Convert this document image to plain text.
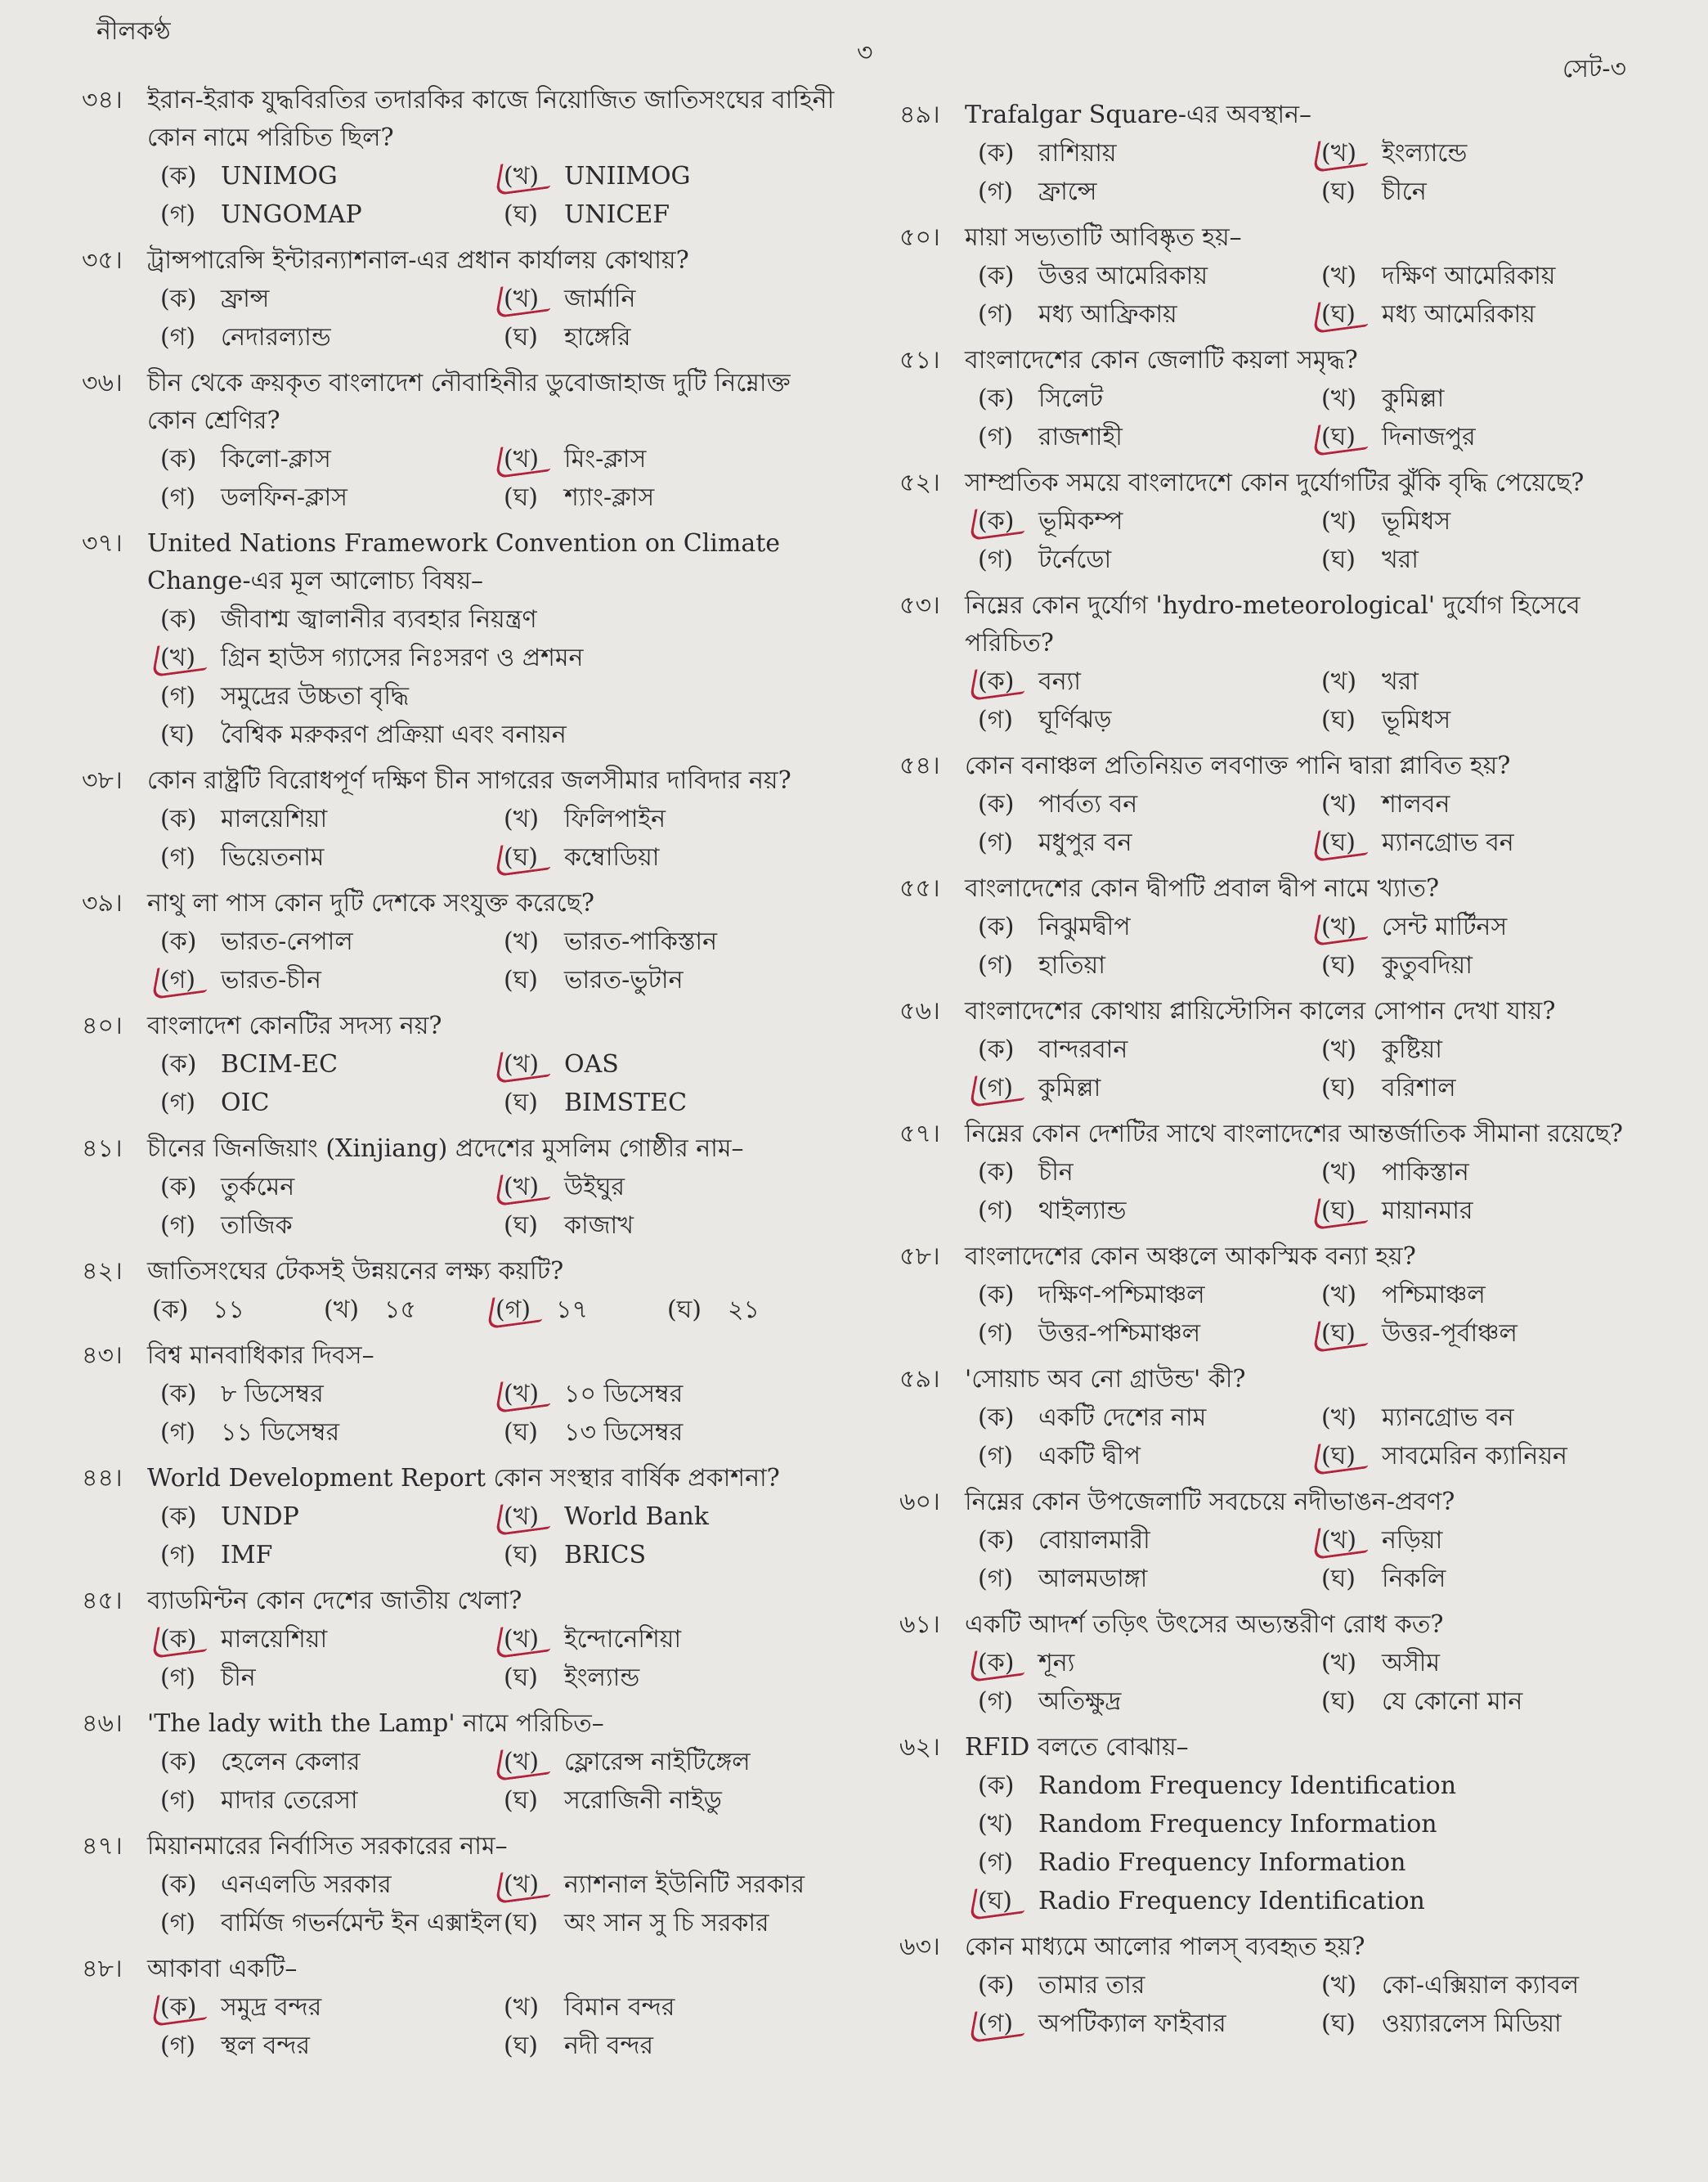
নীলকণ্ঠ
৩
সেট-৩
৩৪।	ইরান-ইরাক যুদ্ধবিরতির তদারকির কাজে নিয়োজিত জাতিসংঘের বাহিনী কোন নামে পরিচিত ছিল?
(ক) UNIMOG	(খ) UNIIMOG
(গ) UNGOMAP	(ঘ) UNICEF
৩৫।	ট্রান্সপারেন্সি ইন্টারন্যাশনাল-এর প্রধান কার্যালয় কোথায়?
(ক) ফ্রান্স	(খ) জার্মানি
(গ) নেদারল্যান্ড	(ঘ) হাঙ্গেরি
৩৬।	চীন থেকে ক্রয়কৃত বাংলাদেশ নৌবাহিনীর ডুবোজাহাজ দুটি নিম্নোক্ত কোন শ্রেণির?
(ক) কিলো-ক্লাস	(খ) মিং-ক্লাস
(গ) ডলফিন-ক্লাস	(ঘ) শ্যাং-ক্লাস
৩৭।	United Nations Framework Convention on Climate Change-এর মূল আলোচ্য বিষয়–
(ক) জীবাশ্ম জ্বালানীর ব্যবহার নিয়ন্ত্রণ
(খ) গ্রিন হাউস গ্যাসের নিঃসরণ ও প্রশমন
(গ) সমুদ্রের উচ্চতা বৃদ্ধি
(ঘ) বৈশ্বিক মরুকরণ প্রক্রিয়া এবং বনায়ন
৩৮।	কোন রাষ্ট্রটি বিরোধপূর্ণ দক্ষিণ চীন সাগরের জলসীমার দাবিদার নয়?
(ক) মালয়েশিয়া	(খ) ফিলিপাইন
(গ) ভিয়েতনাম	(ঘ) কম্বোডিয়া
৩৯।	নাথু লা পাস কোন দুটি দেশকে সংযুক্ত করেছে?
(ক) ভারত-নেপাল	(খ) ভারত-পাকিস্তান
(গ) ভারত-চীন	(ঘ) ভারত-ভুটান
৪০।	বাংলাদেশ কোনটির সদস্য নয়?
(ক) BCIM-EC	(খ) OAS
(গ) OIC	(ঘ) BIMSTEC
৪১।	চীনের জিনজিয়াং (Xinjiang) প্রদেশের মুসলিম গোষ্ঠীর নাম–
(ক) তুর্কমেন	(খ) উইঘুর
(গ) তাজিক	(ঘ) কাজাখ
৪২।	জাতিসংঘের টেকসই উন্নয়নের লক্ষ্য কয়টি?
(ক) ১১	(খ) ১৫	(গ) ১৭	(ঘ) ২১
৪৩।	বিশ্ব মানবাধিকার দিবস–
(ক) ৮ ডিসেম্বর	(খ) ১০ ডিসেম্বর
(গ) ১১ ডিসেম্বর	(ঘ) ১৩ ডিসেম্বর
৪৪।	World Development Report কোন সংস্থার বার্ষিক প্রকাশনা?
(ক) UNDP	(খ) World Bank
(গ) IMF	(ঘ) BRICS
৪৫।	ব্যাডমিন্টন কোন দেশের জাতীয় খেলা?
(ক) মালয়েশিয়া	(খ) ইন্দোনেশিয়া
(গ) চীন	(ঘ) ইংল্যান্ড
৪৬।	'The lady with the Lamp' নামে পরিচিত–
(ক) হেলেন কেলার	(খ) ফ্লোরেন্স নাইটিঙ্গেল
(গ) মাদার তেরেসা	(ঘ) সরোজিনী নাইডু
৪৭।	মিয়ানমারের নির্বাসিত সরকারের নাম–
(ক) এনএলডি সরকার	(খ) ন্যাশনাল ইউনিটি সরকার
(গ) বার্মিজ গভর্নমেন্ট ইন এক্সাইল (ঘ) অং সান সু চি সরকার
৪৮।	আকাবা একটি–
(ক) সমুদ্র বন্দর	(খ) বিমান বন্দর
(গ) স্থল বন্দর	(ঘ) নদী বন্দর
৪৯।	Trafalgar Square-এর অবস্থান–
(ক) রাশিয়ায়	(খ) ইংল্যান্ডে
(গ) ফ্রান্সে	(ঘ) চীনে
৫০।	মায়া সভ্যতাটি আবিষ্কৃত হয়–
(ক) উত্তর আমেরিকায়	(খ) দক্ষিণ আমেরিকায়
(গ) মধ্য আফ্রিকায়	(ঘ) মধ্য আমেরিকায়
৫১।	বাংলাদেশের কোন জেলাটি কয়লা সমৃদ্ধ?
(ক) সিলেট	(খ) কুমিল্লা
(গ) রাজশাহী	(ঘ) দিনাজপুর
৫২।	সাম্প্রতিক সময়ে বাংলাদেশে কোন দুর্যোগটির ঝুঁকি বৃদ্ধি পেয়েছে?
(ক) ভূমিকম্প	(খ) ভূমিধস
(গ) টর্নেডো	(ঘ) খরা
৫৩।	নিম্নের কোন দুর্যোগ 'hydro-meteorological' দুর্যোগ হিসেবে পরিচিত?
(ক) বন্যা	(খ) খরা
(গ) ঘূর্ণিঝড়	(ঘ) ভূমিধস
৫৪।	কোন বনাঞ্চল প্রতিনিয়ত লবণাক্ত পানি দ্বারা প্লাবিত হয়?
(ক) পার্বত্য বন	(খ) শালবন
(গ) মধুপুর বন	(ঘ) ম্যানগ্রোভ বন
৫৫।	বাংলাদেশের কোন দ্বীপটি প্রবাল দ্বীপ নামে খ্যাত?
(ক) নিঝুমদ্বীপ	(খ) সেন্ট মার্টিনস
(গ) হাতিয়া	(ঘ) কুতুবদিয়া
৫৬।	বাংলাদেশের কোথায় প্লায়িস্টোসিন কালের সোপান দেখা যায়?
(ক) বান্দরবান	(খ) কুষ্টিয়া
(গ) কুমিল্লা	(ঘ) বরিশাল
৫৭।	নিম্নের কোন দেশটির সাথে বাংলাদেশের আন্তর্জাতিক সীমানা রয়েছে?
(ক) চীন	(খ) পাকিস্তান
(গ) থাইল্যান্ড	(ঘ) মায়ানমার
৫৮।	বাংলাদেশের কোন অঞ্চলে আকস্মিক বন্যা হয়?
(ক) দক্ষিণ-পশ্চিমাঞ্চল	(খ) পশ্চিমাঞ্চল
(গ) উত্তর-পশ্চিমাঞ্চল	(ঘ) উত্তর-পূর্বাঞ্চল
৫৯।	'সোয়াচ অব নো গ্রাউন্ড' কী?
(ক) একটি দেশের নাম	(খ) ম্যানগ্রোভ বন
(গ) একটি দ্বীপ	(ঘ) সাবমেরিন ক্যানিয়ন
৬০।	নিম্নের কোন উপজেলাটি সবচেয়ে নদীভাঙন-প্রবণ?
(ক) বোয়ালমারী	(খ) নড়িয়া
(গ) আলমডাঙ্গা	(ঘ) নিকলি
৬১।	একটি আদর্শ তড়িৎ উৎসের অভ্যন্তরীণ রোধ কত?
(ক) শূন্য	(খ) অসীম
(গ) অতিক্ষুদ্র	(ঘ) যে কোনো মান
৬২।	RFID বলতে বোঝায়–
(ক) Random Frequency Identification
(খ) Random Frequency Information
(গ) Radio Frequency Information
(ঘ) Radio Frequency Identification
৬৩।	কোন মাধ্যমে আলোর পালস্ ব্যবহৃত হয়?
(ক) তামার তার	(খ) কো-এক্সিয়াল ক্যাবল
(গ) অপটিক্যাল ফাইবার	(ঘ) ওয়্যারলেস মিডিয়া
